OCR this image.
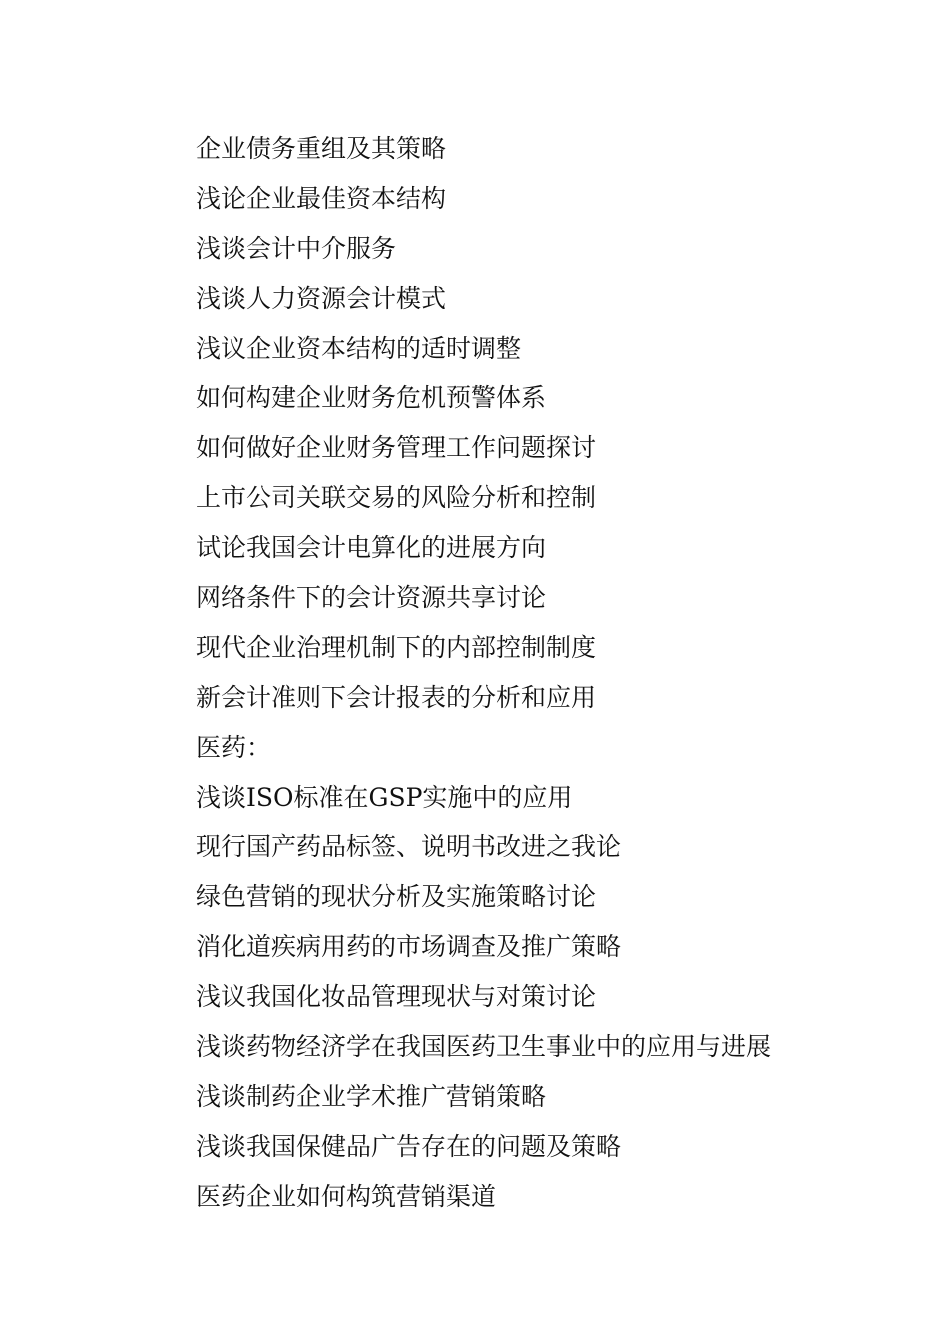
企业债务重组及其策略
浅论企业最佳资本结构
浅谈会计中介服务
浅谈人力资源会计模式
浅议企业资本结构的适时调整
如何构建企业财务危机预警体系
如何做好企业财务管理工作问题探讨
上市公司关联交易的风险分析和控制
试论我国会计电算化的进展方向
网络条件下的会计资源共享讨论
现代企业治理机制下的内部控制制度
新会计准则下会计报表的分析和应用
医药：
浅谈ISO标准在GSP实施中的应用
现行国产药品标签、说明书改进之我论
绿色营销的现状分析及实施策略讨论
消化道疾病用药的市场调查及推广策略
浅议我国化妆品管理现状与对策讨论
浅谈药物经济学在我国医药卫生事业中的应用与进展
浅谈制药企业学术推广营销策略
浅谈我国保健品广告存在的问题及策略
医药企业如何构筑营销渠道
